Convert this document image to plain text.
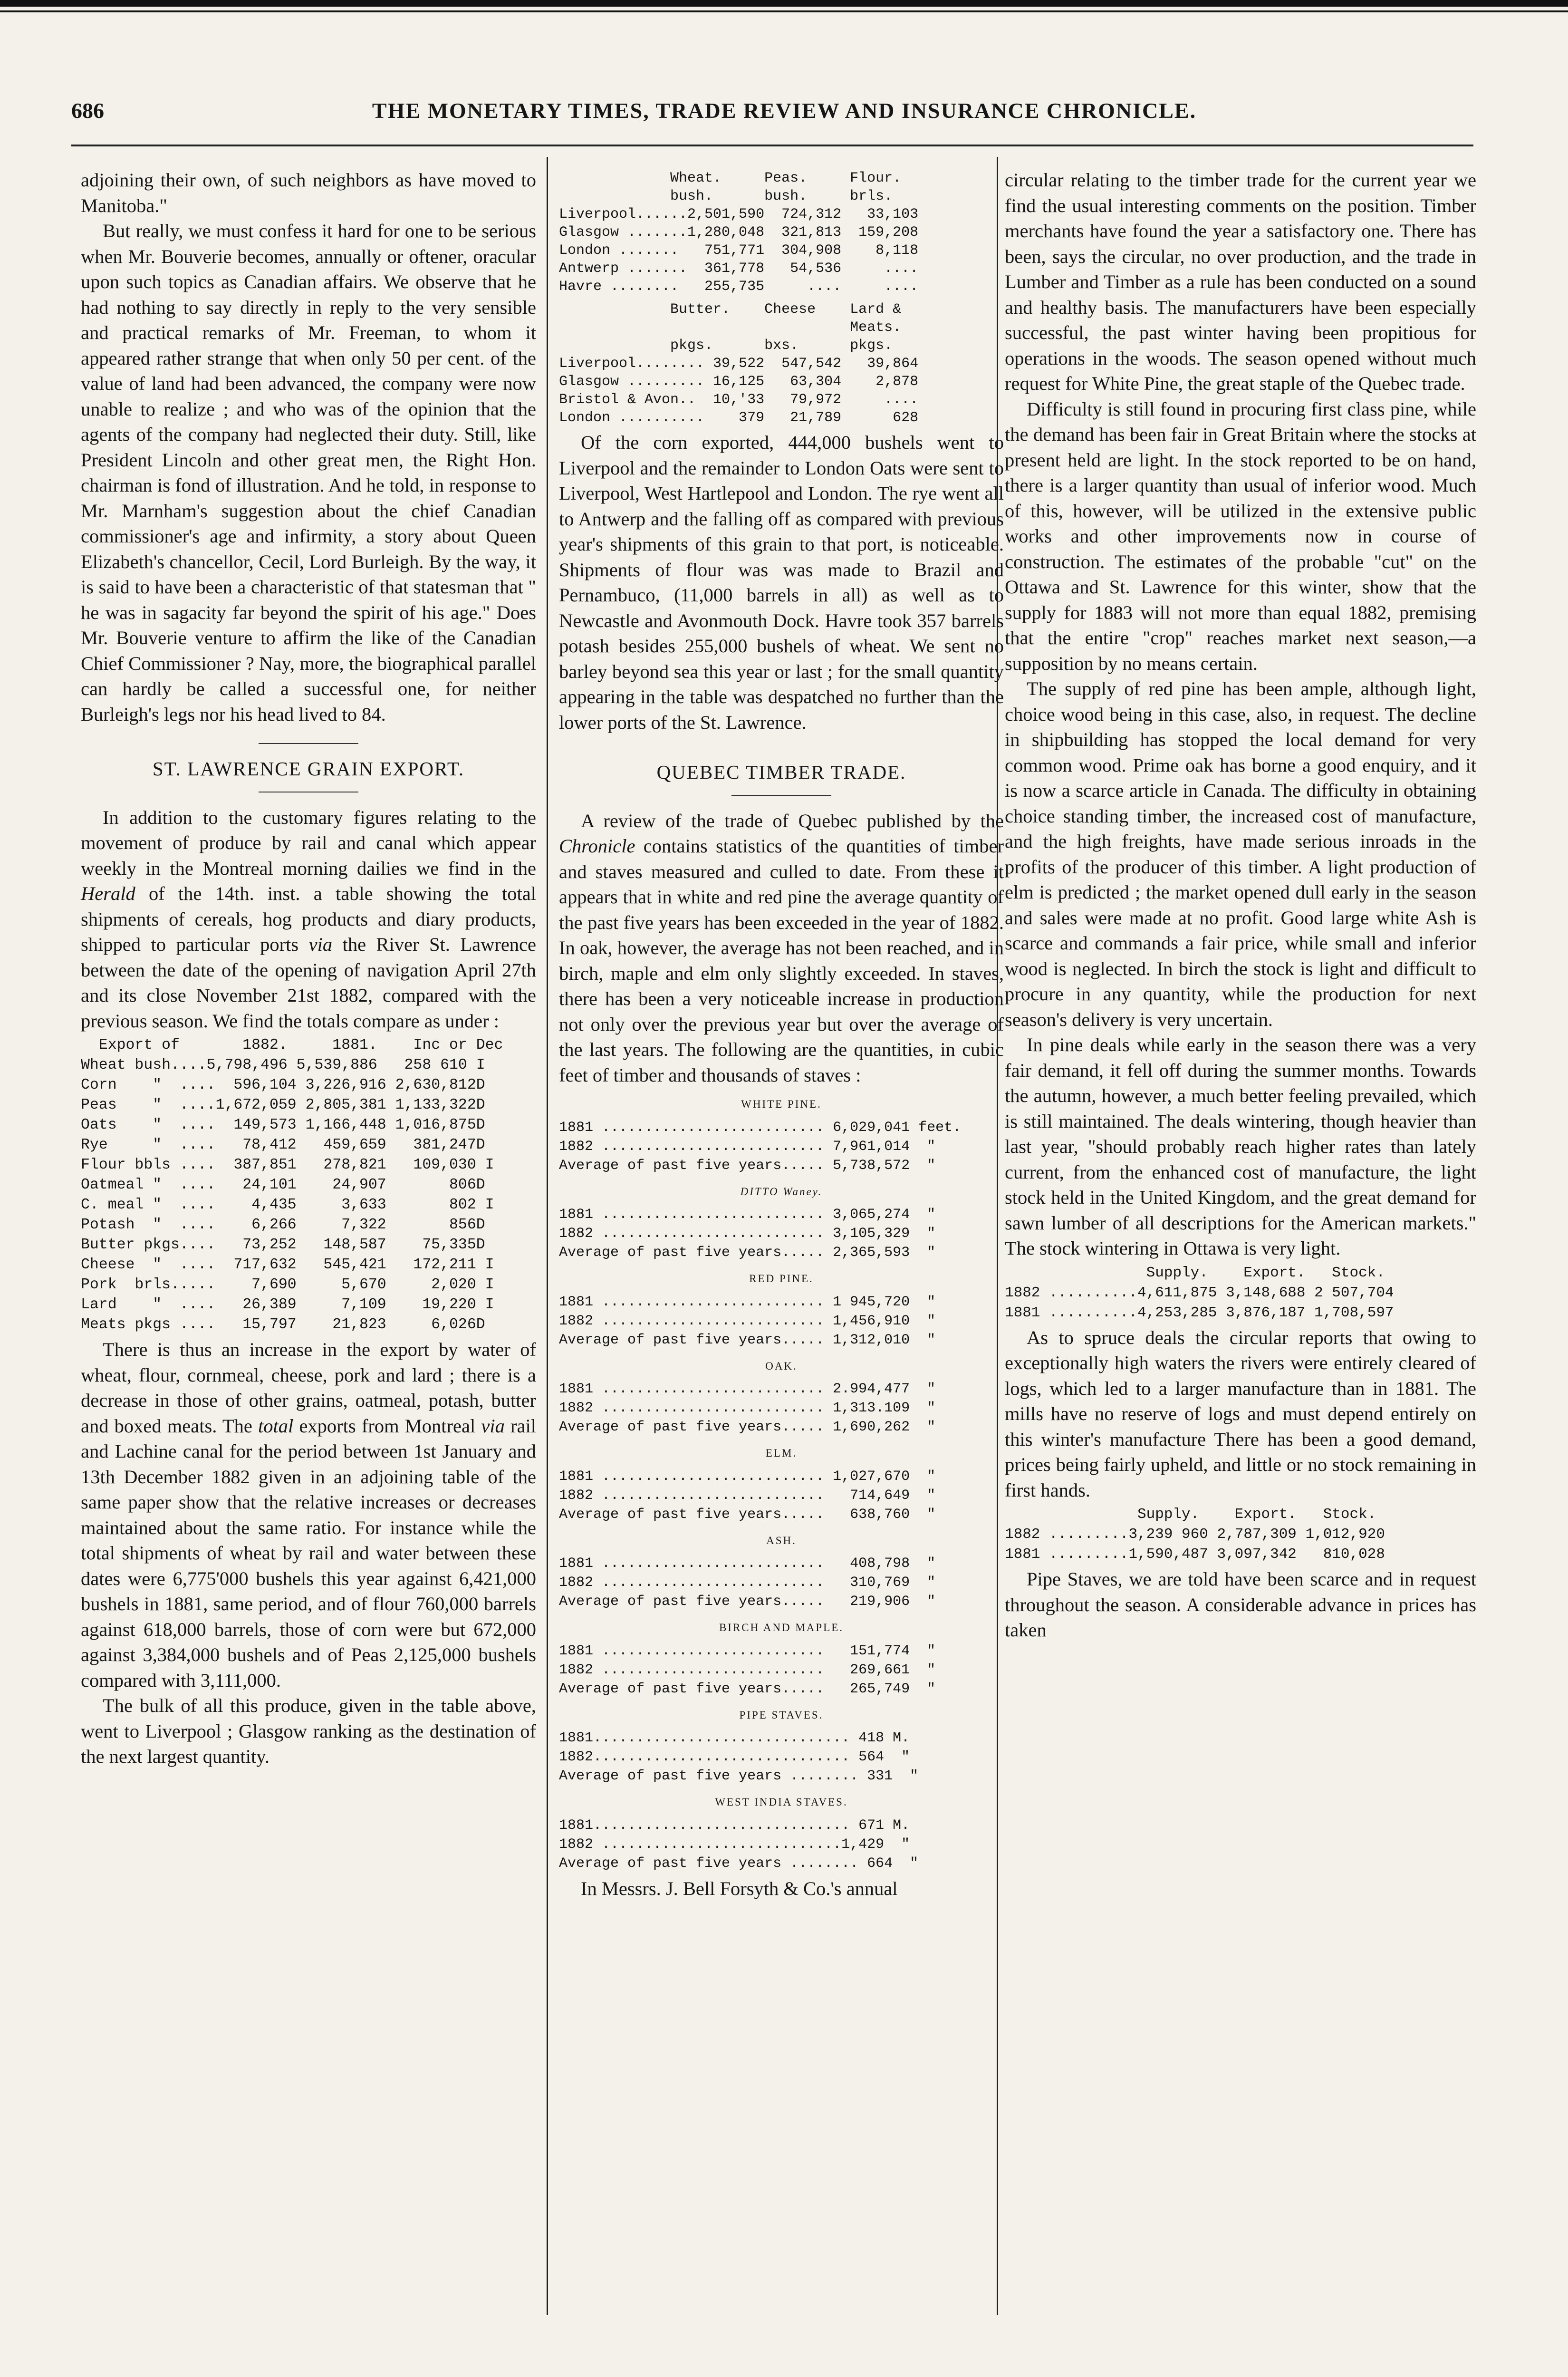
686	THE MONETARY TIMES, TRADE REVIEW AND INSURANCE CHRONICLE.

adjoining their own, of such neighbors as have moved to Manitoba."

But really, we must confess it hard for one to be serious when Mr. Bouverie becomes, annually or oftener, oracular upon such topics as Canadian affairs. We observe that he had nothing to say directly in reply to the very sensible and practical remarks of Mr. Freeman, to whom it appeared rather strange that when only 50 per cent. of the value of land had been advanced, the company were now unable to realize ; and who was of the opinion that the agents of the company had neglected their duty. Still, like President Lincoln and other great men, the Right Hon. chairman is fond of illustration. And he told, in response to Mr. Marnham's suggestion about the chief Canadian commissioner's age and infirmity, a story about Queen Elizabeth's chancellor, Cecil, Lord Burleigh. By the way, it is said to have been a characteristic of that statesman that " he was in sagacity far beyond the spirit of his age." Does Mr. Bouverie venture to affirm the like of the Canadian Chief Commissioner ? Nay, more, the biographical parallel can hardly be called a successful one, for neither Burleigh's legs nor his head lived to 84.

ST. LAWRENCE GRAIN EXPORT.

In addition to the customary figures relating to the movement of produce by rail and canal which appear weekly in the Montreal morning dailies we find in the Herald of the 14th. inst. a table showing the total shipments of cereals, hog products and diary products, shipped to particular ports via the River St. Lawrence between the date of the opening of navigation April 27th and its close November 21st 1882, compared with the previous season. We find the totals compare as under :

Export of       1882.     1881.    Inc or Dec
Wheat bush....5,798,496 5,539,886   258 610 I
Corn    "  ....  596,104 3,226,916 2,630,812D
Peas    "  ....1,672,059 2,805,381 1,133,322D
Oats    "  ....  149,573 1,166,448 1,016,875D
Rye     "  ....   78,412   459,659   381,247D
Flour bbls ....  387,851   278,821   109,030 I
Oatmeal "  ....   24,101    24,907       806D
C. meal "  ....    4,435     3,633       802 I
Potash  "  ....    6,266     7,322       856D
Butter pkgs....   73,252   148,587    75,335D
Cheese  "  ....  717,632   545,421   172,211 I
Pork  brls.....    7,690     5,670     2,020 I
Lard    "  ....   26,389     7,109    19,220 I
Meats pkgs ....   15,797    21,823     6,026D

There is thus an increase in the export by water of wheat, flour, cornmeal, cheese, pork and lard ; there is a decrease in those of other grains, oatmeal, potash, butter and boxed meats. The total exports from Montreal via rail and Lachine canal for the period between 1st January and 13th December 1882 given in an adjoining table of the same paper show that the relative increases or decreases maintained about the same ratio. For instance while the total shipments of wheat by rail and water between these dates were 6,775'000 bushels this year against 6,421,000 bushels in 1881, same period, and of flour 760,000 barrels against 618,000 barrels, those of corn were but 672,000 against 3,384,000 bushels and of Peas 2,125,000 bushels compared with 3,111,000.

The bulk of all this produce, given in the table above, went to Liverpool ; Glasgow ranking as the destination of the next largest quantity.

Wheat.     Peas.     Flour.
bush.      bush.     brls.
Liverpool......2,501,590  724,312   33,103
Glasgow .......1,280,048  321,813  159,208
London .......   751,771  304,908    8,118
Antwerp .......  361,778   54,536     ....
Havre ........   255,735     ....     ....
Butter.    Cheese    Lard &
Meats.
pkgs.      bxs.      pkgs.
Liverpool........ 39,522  547,542   39,864
Glasgow ......... 16,125   63,304    2,878
Bristol & Avon..  10,'33   79,972     ....
London ..........    379   21,789      628

Of the corn exported, 444,000 bushels went to Liverpool and the remainder to London Oats were sent to Liverpool, West Hartlepool and London. The rye went all to Antwerp and the falling off as compared with previous year's shipments of this grain to that port, is noticeable. Shipments of flour was was made to Brazil and Pernambuco, (11,000 barrels in all) as well as to Newcastle and Avonmouth Dock. Havre took 357 barrels potash besides 255,000 bushels of wheat. We sent no barley beyond sea this year or last ; for the small quantity appearing in the table was despatched no further than the lower ports of the St. Lawrence.

QUEBEC TIMBER TRADE.

A review of the trade of Quebec published by the Chronicle contains statistics of the quantities of timber and staves measured and culled to date. From these it appears that in white and red pine the average quantity of the past five years has been exceeded in the year of 1882. In oak, however, the average has not been reached, and in birch, maple and elm only slightly exceeded. In staves, there has been a very noticeable increase in production not only over the previous year but over the average of the last years. The following are the quantities, in cubic feet of timber and thousands of staves :

WHITE PINE.
1881 .......................... 6,029,041 feet.
1882 .......................... 7,961,014  "
Average of past five years..... 5,738,572  "
DITTO Waney.
1881 .......................... 3,065,274  "
1882 .......................... 3,105,329  "
Average of past five years..... 2,365,593  "
RED PINE.
1881 .......................... 1 945,720  "
1882 .......................... 1,456,910  "
Average of past five years..... 1,312,010  "
OAK.
1881 .......................... 2.994,477  "
1882 .......................... 1,313.109  "
Average of past five years..... 1,690,262  "
ELM.
1881 .......................... 1,027,670  "
1882 ..........................   714,649  "
Average of past five years.....   638,760  "
ASH.
1881 ..........................   408,798  "
1882 ..........................   310,769  "
Average of past five years.....   219,906  "
BIRCH AND MAPLE.
1881 ..........................   151,774  "
1882 ..........................   269,661  "
Average of past five years.....   265,749  "
PIPE STAVES.
1881.............................. 418 M.
1882.............................. 564  "
Average of past five years ........ 331  "
WEST INDIA STAVES.
1881.............................. 671 M.
1882 ............................1,429  "
Average of past five years ........ 664  "

In Messrs. J. Bell Forsyth & Co.'s annual

circular relating to the timber trade for the current year we find the usual interesting comments on the position. Timber merchants have found the year a satisfactory one. There has been, says the circular, no over production, and the trade in Lumber and Timber as a rule has been conducted on a sound and healthy basis. The manufacturers have been especially successful, the past winter having been propitious for operations in the woods. The season opened without much request for White Pine, the great staple of the Quebec trade.

Difficulty is still found in procuring first class pine, while the demand has been fair in Great Britain where the stocks at present held are light. In the stock reported to be on hand, there is a larger quantity than usual of inferior wood. Much of this, however, will be utilized in the extensive public works and other improvements now in course of construction. The estimates of the probable "cut" on the Ottawa and St. Lawrence for this winter, show that the supply for 1883 will not more than equal 1882, premising that the entire "crop" reaches market next season,—a supposition by no means certain.

The supply of red pine has been ample, although light, choice wood being in this case, also, in request. The decline in shipbuilding has stopped the local demand for very common wood. Prime oak has borne a good enquiry, and it is now a scarce article in Canada. The difficulty in obtaining choice standing timber, the increased cost of manufacture, and the high freights, have made serious inroads in the profits of the producer of this timber. A light production of elm is predicted ; the market opened dull early in the season and sales were made at no profit. Good large white Ash is scarce and commands a fair price, while small and inferior wood is neglected. In birch the stock is light and difficult to procure in any quantity, while the production for next season's delivery is very uncertain.

In pine deals while early in the season there was a very fair demand, it fell off during the summer months. Towards the autumn, however, a much better feeling prevailed, which is still maintained. The deals wintering, though heavier than last year, "should probably reach higher rates than lately current, from the enhanced cost of manufacture, the light stock held in the United Kingdom, and the great demand for sawn lumber of all descriptions for the American markets." The stock wintering in Ottawa is very light.

Supply.    Export.   Stock.
1882 ..........4,611,875 3,148,688 2 507,704
1881 ..........4,253,285 3,876,187 1,708,597

As to spruce deals the circular reports that owing to exceptionally high waters the rivers were entirely cleared of logs, which led to a larger manufacture than in 1881. The mills have no reserve of logs and must depend entirely on this winter's manufacture There has been a good demand, prices being fairly upheld, and little or no stock remaining in first hands.

Supply.    Export.   Stock.
1882 .........3,239 960 2,787,309 1,012,920
1881 .........1,590,487 3,097,342   810,028

Pipe Staves, we are told have been scarce and in request throughout the season. A considerable advance in prices has taken
